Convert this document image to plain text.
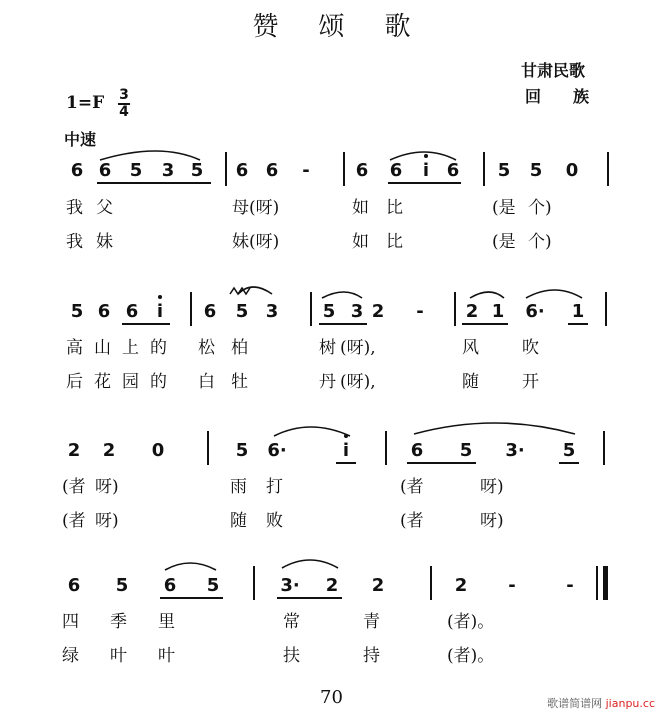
赞颂歌
甘肃民歌
回　　族
1=F 3
4
中速
6 6 5 3 5 6 6	-	6 6	i 6 5 5 0
我 父	母(呀)	如 比	(是 个)
我 妹	妹(呀)	如 比	(是 个)
5 6 6	i	6 5 3 5 3 2	-	2 1 6· 1
高 山 上 的 松 柏	树 (呀),	风	吹
后 花 园 的 白 牡	丹 (呀),	随	开
2 2 0	5 6·	i	6 5 3· 5
(者 呀)	雨 打	(者	呀)
(者 呀)	随 败	(者	呀)
6 5 6 5	3· 2 2	2	-	-
四 季 里	常	青	(者)。
绿 叶 叶	扶	持	(者)。
70	歌谱简谱网 jianpu.cc
